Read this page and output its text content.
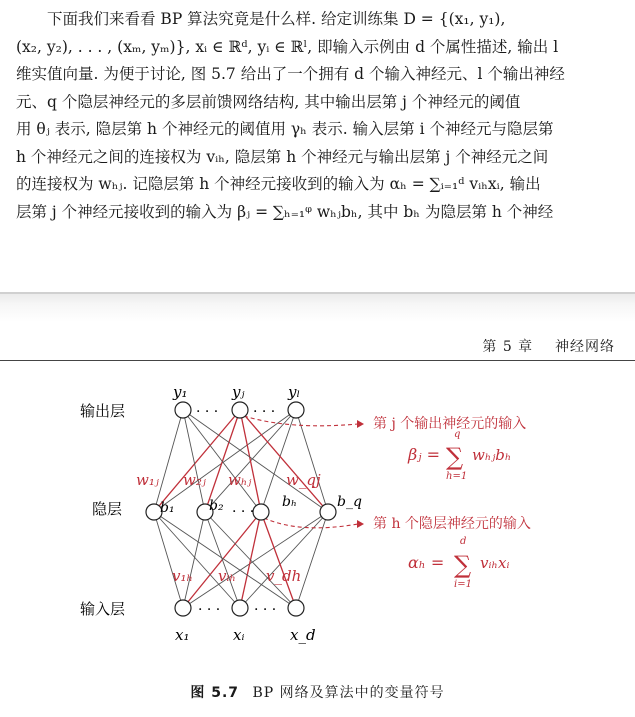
下面我们来看看 BP 算法究竟是什么样. 给定训练集 D = {(x₁, y₁),

(x₂, y₂), . . . , (xₘ, yₘ)}, xᵢ ∈ ℝᵈ, yᵢ ∈ ℝˡ, 即输入示例由 d 个属性描述, 输出 l

维实值向量. 为便于讨论, 图 5.7 给出了一个拥有 d 个输入神经元、l 个输出神经

元、q 个隐层神经元的多层前馈网络结构, 其中输出层第 j 个神经元的阈值

用 θⱼ 表示, 隐层第 h 个神经元的阈值用 γₕ 表示. 输入层第 i 个神经元与隐层第

h 个神经元之间的连接权为 vᵢₕ, 隐层第 h 个神经元与输出层第 j 个神经元之间

的连接权为 wₕⱼ. 记隐层第 h 个神经元接收到的输入为 αₕ = ∑ᵢ₌₁ᵈ vᵢₕxᵢ, 输出

层第 j 个神经元接收到的输入为 βⱼ = ∑ₕ₌₁ᵠ wₕⱼbₕ, 其中 bₕ 为隐层第 h 个神经

第 5 章 神经网络
输出层
隐层
输入层
y₁	yⱼ	yₗ
· · · · · ·
b₁ b₂	bₕ	b_q
· · ·
x₁	xᵢ	x_d
· · · · · ·
w₁ⱼ w₂ⱼ wₕⱼ w_qj
v₁ₕ vᵢₕ v_dh
第 j 个输出神经元的输入
βⱼ =
q
∑
h=1
wₕⱼbₕ
第 h 个隐层神经元的输入
αₕ =
d
∑
i=1
vᵢₕxᵢ
图 5.7 BP 网络及算法中的变量符号
